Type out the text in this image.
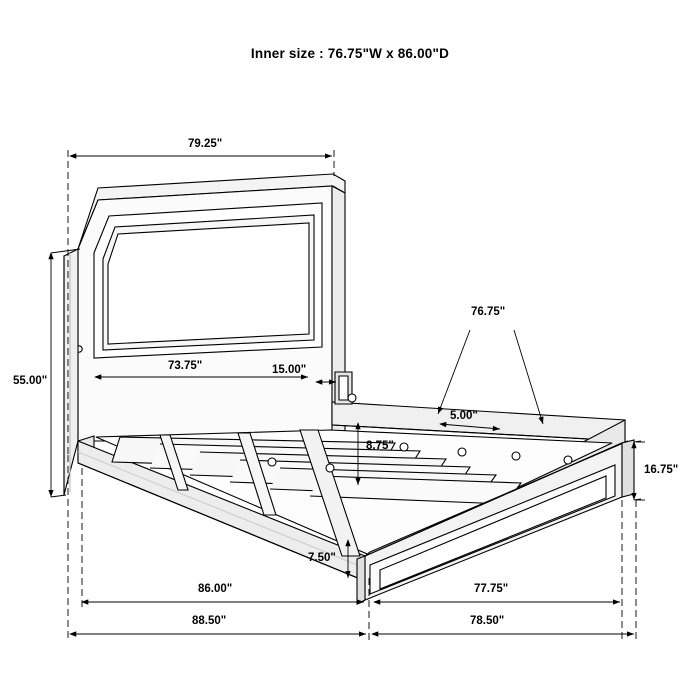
Inner size : 76.75"W x 86.00"D
79.25"
55.00"
73.75"	15.00"
76.75"
5.00"
8.75"
16.75"
7.50"
86.00"	77.75"
88.50"	78.50"
